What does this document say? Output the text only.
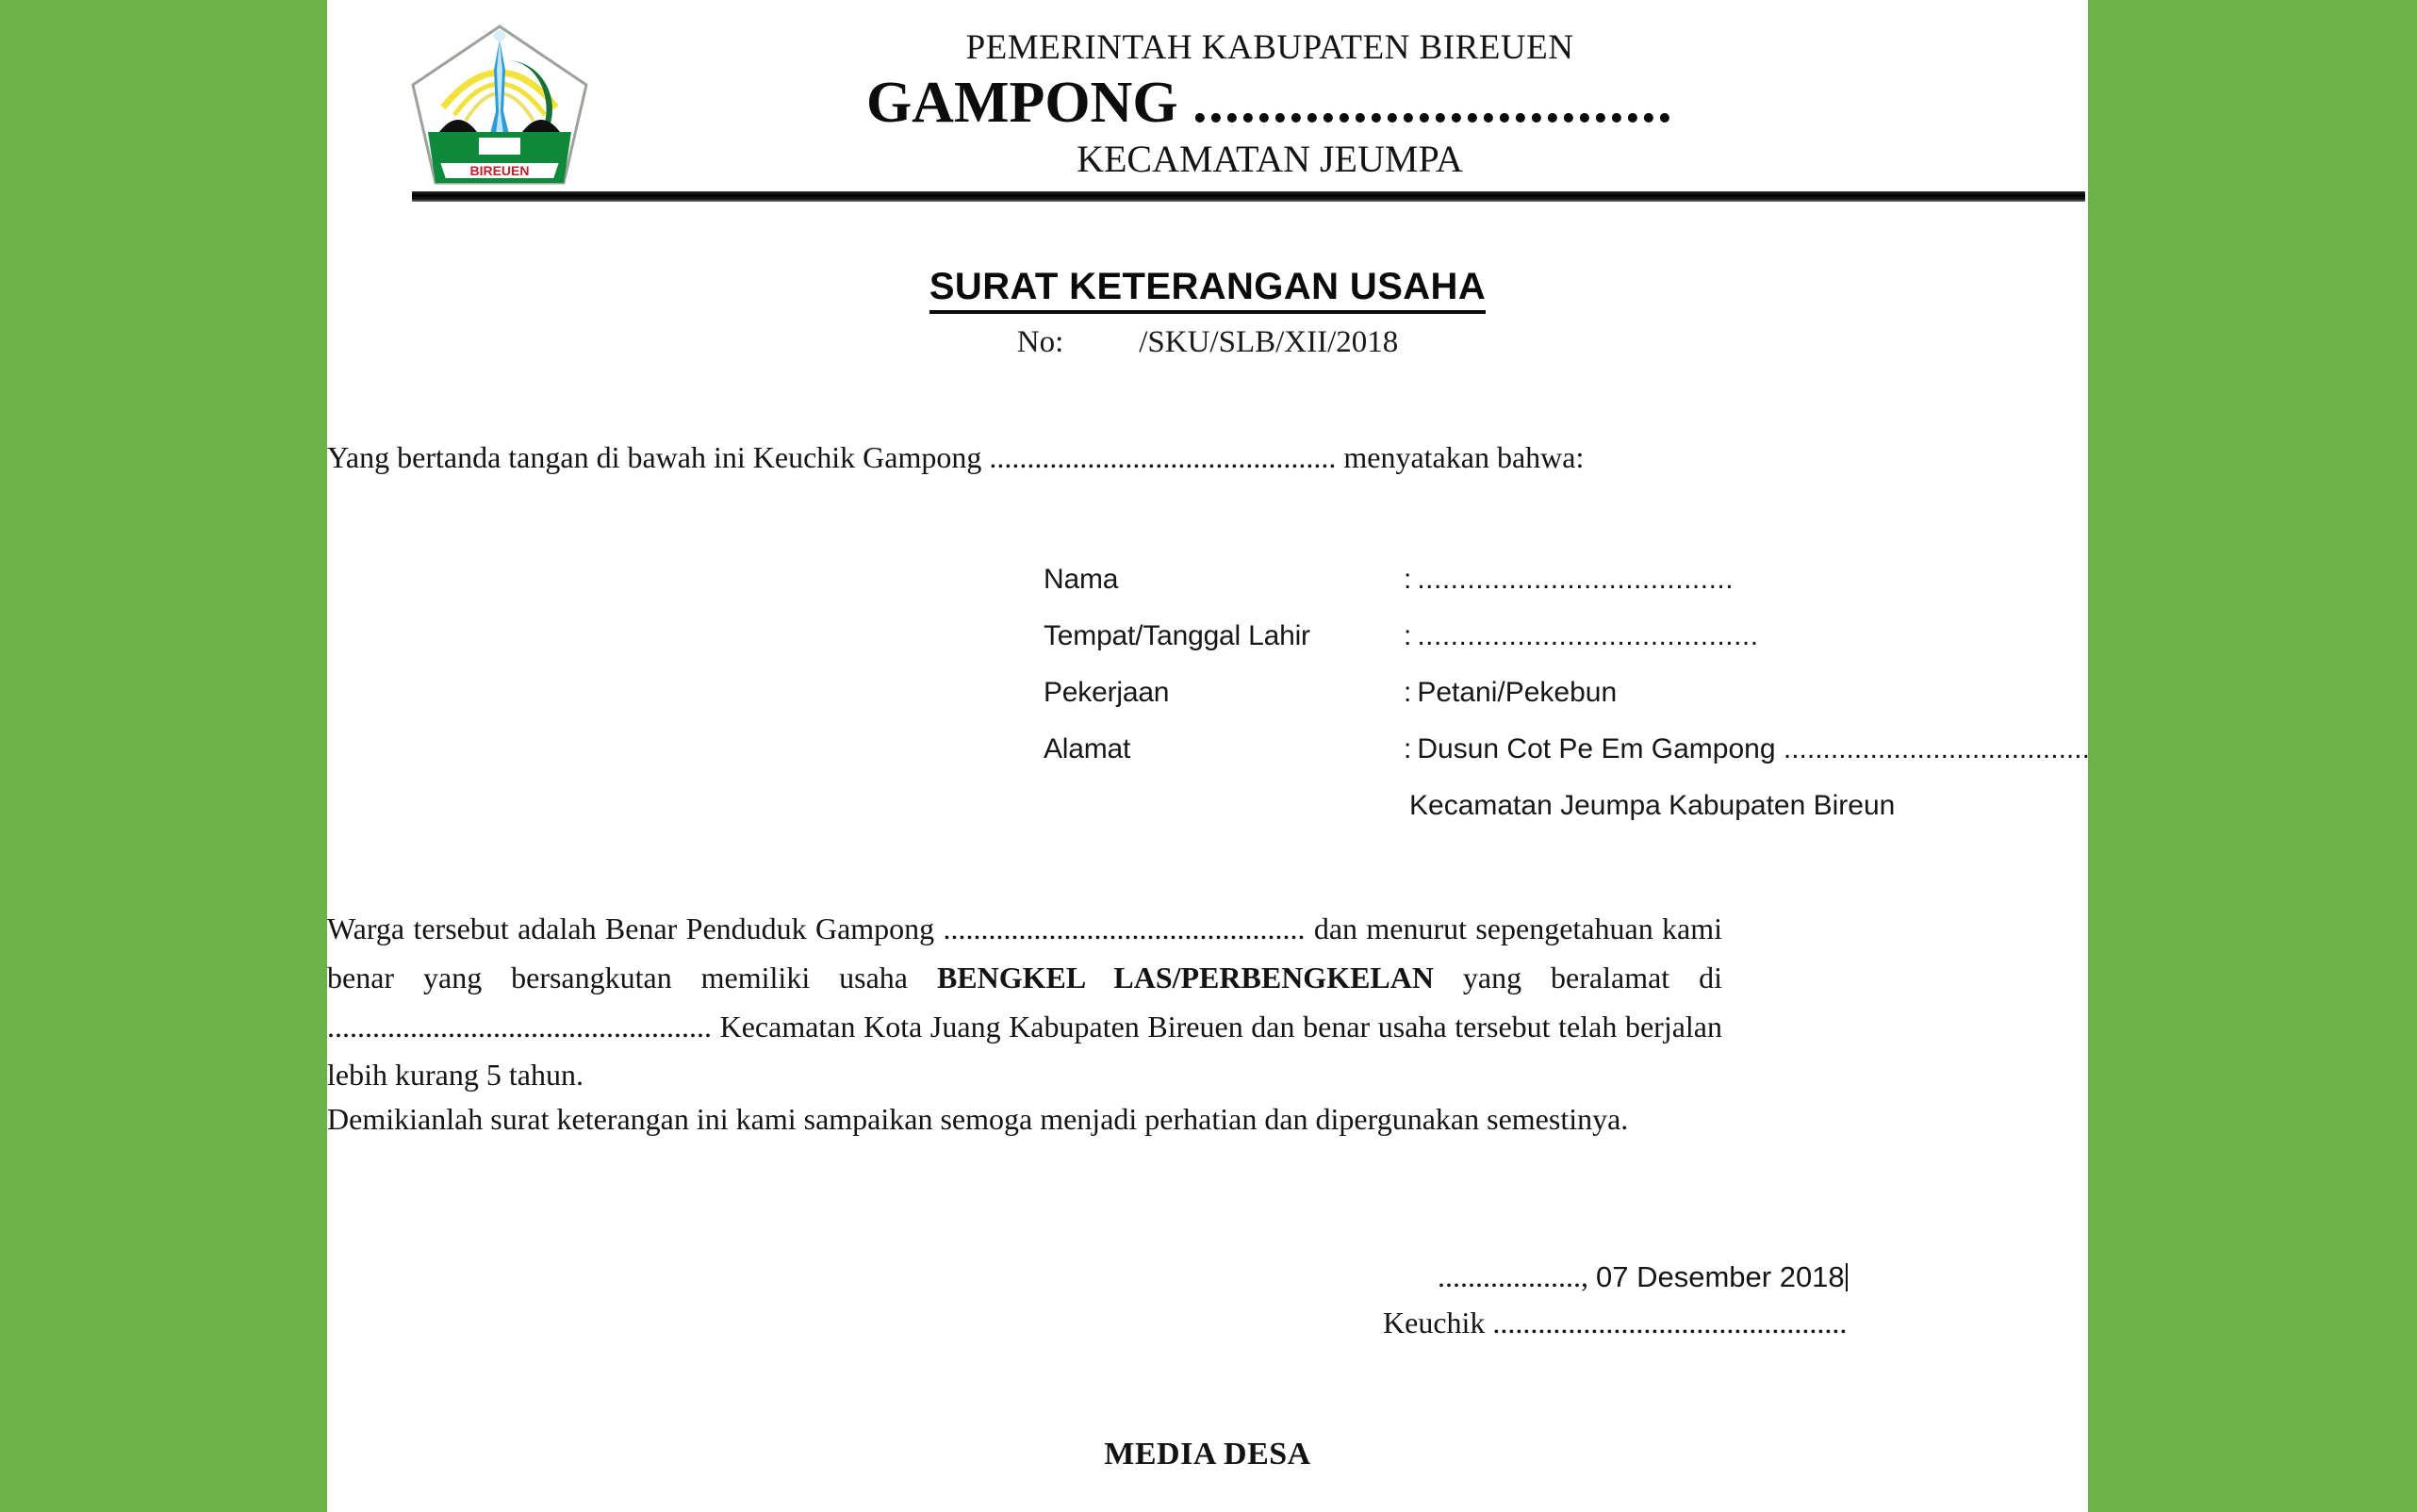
BIREUEN
PEMERINTAH KABUPATEN BIREUEN
GAMPONG ..............................
KECAMATAN JEUMPA
SURAT KETERANGAN USAHA
No: /SKU/SLB/XII/2018
Yang bertanda tangan di bawah ini Keuchik Gampong .............................................. menyatakan bahwa:
Nama	: ......................................
Tempat/Tanggal Lahir	: .........................................
Pekerjaan	: Petani/Pekebun
Alamat	: Dusun Cot Pe Em Gampong .......................................
Kecamatan Jeumpa Kabupaten Bireun
Warga tersebut adalah Benar Penduduk Gampong ................................................ dan menurut sepengetahuan kami benar yang bersangkutan memiliki usaha BENGKEL LAS/PERBENGKELAN yang beralamat di ................................................... Kecamatan Kota Juang Kabupaten Bireuen dan benar usaha tersebut telah berjalan lebih kurang 5 tahun.
Demikianlah surat keterangan ini kami sampaikan semoga menjadi perhatian dan dipergunakan semestinya.
..................., 07 Desember 2018
Keuchik ...............................................
MEDIA DESA
